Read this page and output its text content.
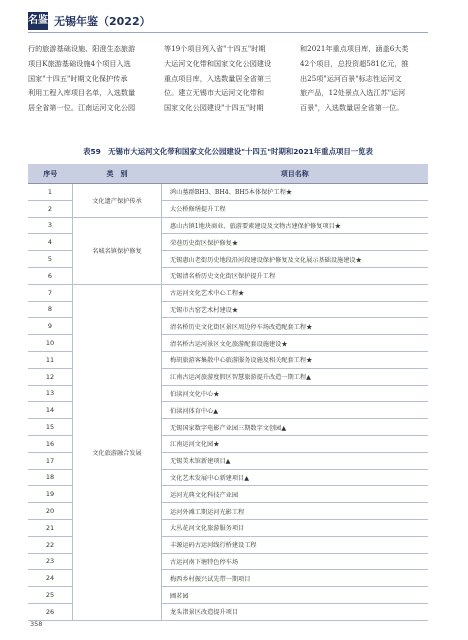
名鉴 无锡年鉴（2022）

行的旅游基础设施、阳澄生态旅游

项目K旅游基础设施4个项目入选

国家"十四五"时期文化保护传承

利用工程入库项目名单，入选数量

居全省第一位。江南运河文化公园

等19个项目列入省"十四五"时期

大运河文化带和国家文化公园建设

重点项目库，入选数量居全省第三

位。建立无锡市大运河文化带和

国家文化公园建设"十四五"时期

和2021年重点项目库，涵盖6大类

42个项目，总投资超581亿元，推

出25项"运河百景"标志性运河文

旅产品，12处景点入选江苏"运河

百景"，入选数量居全省第一位。

表59　无锡市大运河文化带和国家文化公园建设"十四五"时期和2021年重点项目一览表
序号	类　别	项目名称
1	文化遗产保护传承	鸿山墓群BH3、BH4、BH5本体保护工程★
2		大公桥修缮提升工程
3	名城名镇保护修复	惠山古镇1地块商业、旅游要素建设及文物古建保护修复项目★
4		荣巷历史街区保护修复★
5		无锡惠山老街历史地段沿河段建设保护修复及文化展示基础设施建设★
6		无锡清名桥历史文化街区保护提升工程
7	文化旅游融合发展	古运河文化艺术中心工程★
8		无锡市古窑艺术村建设★
9		清名桥历史文化街区景区周边停车场改造配套工程★
10		清名桥古运河景区文化旅游配套设施建设★
11		梅胡旅游客集散中心旅游服务设施及相关配套工程★
12		江南古运河旅游度假区智慧旅游提升改造一期工程▲
13		伯渎河文化中心★
14		伯渎河体育中心▲
15		无锡国家数字电影产业园三期数字文创园▲
16		江南运河文化园★
17		无锡美术馆新建项目▲
18		文化艺术发展中心新建项目▲
19		运河光典文化科技产业园
20		运河外滩工期运河光影工程
21		大丛花河文化旅游服务项目
22		丰源运码古运河线行桥建设工程
23		古运河南下塘特色停车场
24		梅西乡村振兴试先带一期项目
25		圃茗园
26		龙头渚景区改造提升项目
358
